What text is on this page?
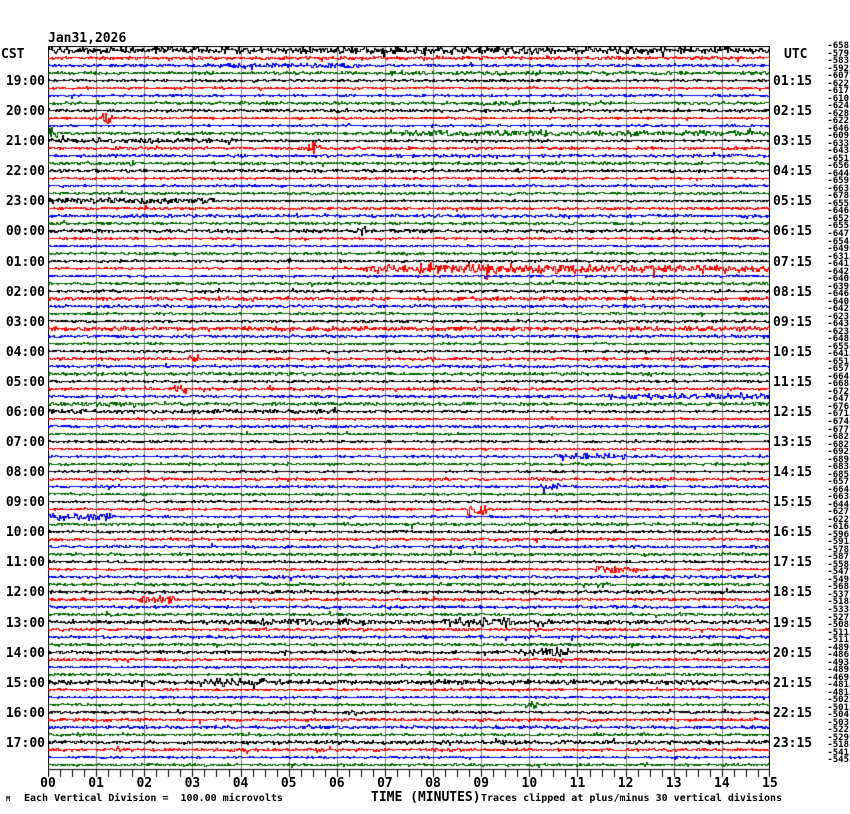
Jan31,2026

CST	UTC
19:00
20:00
21:00
22:00
23:00
00:00
01:00
02:00
03:00
04:00
05:00
06:00
07:00
08:00
09:00
10:00
11:00
12:00
13:00
14:00
15:00
16:00
17:00
01:15
02:15
03:15
04:15
05:15
06:15
07:15
08:15
09:15
10:15
11:15
12:15
13:15
14:15
15:15
16:15
17:15
18:15
19:15
20:15
21:15
22:15
23:15
-658
-579
-583
-592
-607
-622
-617
-610
-624
-628
-622
-646
-609
-633
-643
-651
-656
-644
-659
-663
-678
-655
-646
-652
-655
-647
-654
-649
-631
-641
-642
-640
-639
-646
-640
-642
-623
-643
-623
-648
-655
-641
-651
-657
-664
-668
-672
-647
-676
-671
-674
-677
-682
-682
-692
-689
-683
-685
-657
-664
-663
-644
-627
-622
-616
-596
-591
-578
-587
-558
-547
-549
-568
-537
-518
-533
-527
-508
-511
-511
-489
-486
-493
-489
-469
-481
-481
-502
-501
-504
-503
-522
-529
-518
-541
-545
00	01	02	03	04	05	06	07	08	09	10	11	12	13	14	15
M Each Vertical Division =  100.00 microvolts	TIME (MINUTES) Traces clipped at plus/minus 30 vertical divisions
